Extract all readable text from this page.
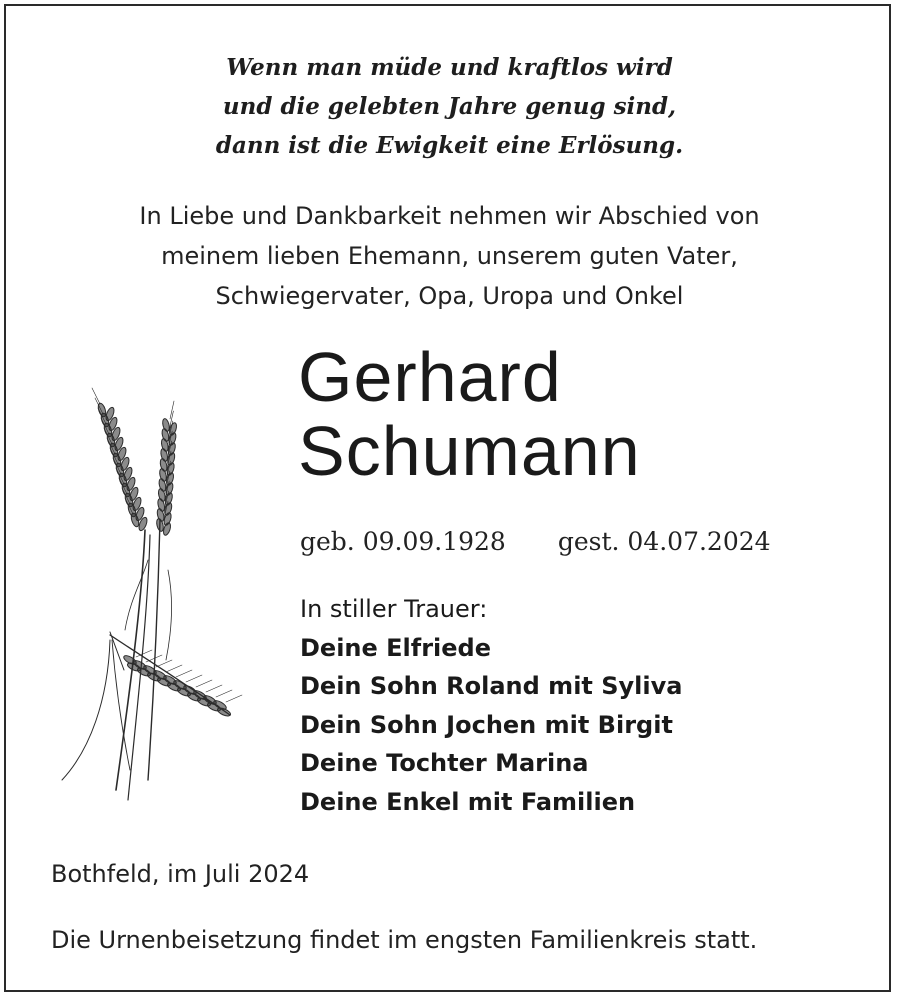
Wenn man müde und kraftlos wird
und die gelebten Jahre genug sind,
dann ist die Ewigkeit eine Erlösung.
In Liebe und Dankbarkeit nehmen wir Abschied von
meinem lieben Ehemann, unserem guten Vater,
Schwiegervater, Opa, Uropa und Onkel
Gerhard
Schumann
geb. 09.09.1928 gest. 04.07.2024
In stiller Trauer:
Deine Elfriede
Dein Sohn Roland mit Syliva
Dein Sohn Jochen mit Birgit
Deine Tochter Marina
Deine Enkel mit Familien
Bothfeld, im Juli 2024
Die Urnenbeisetzung findet im engsten Familienkreis statt.
